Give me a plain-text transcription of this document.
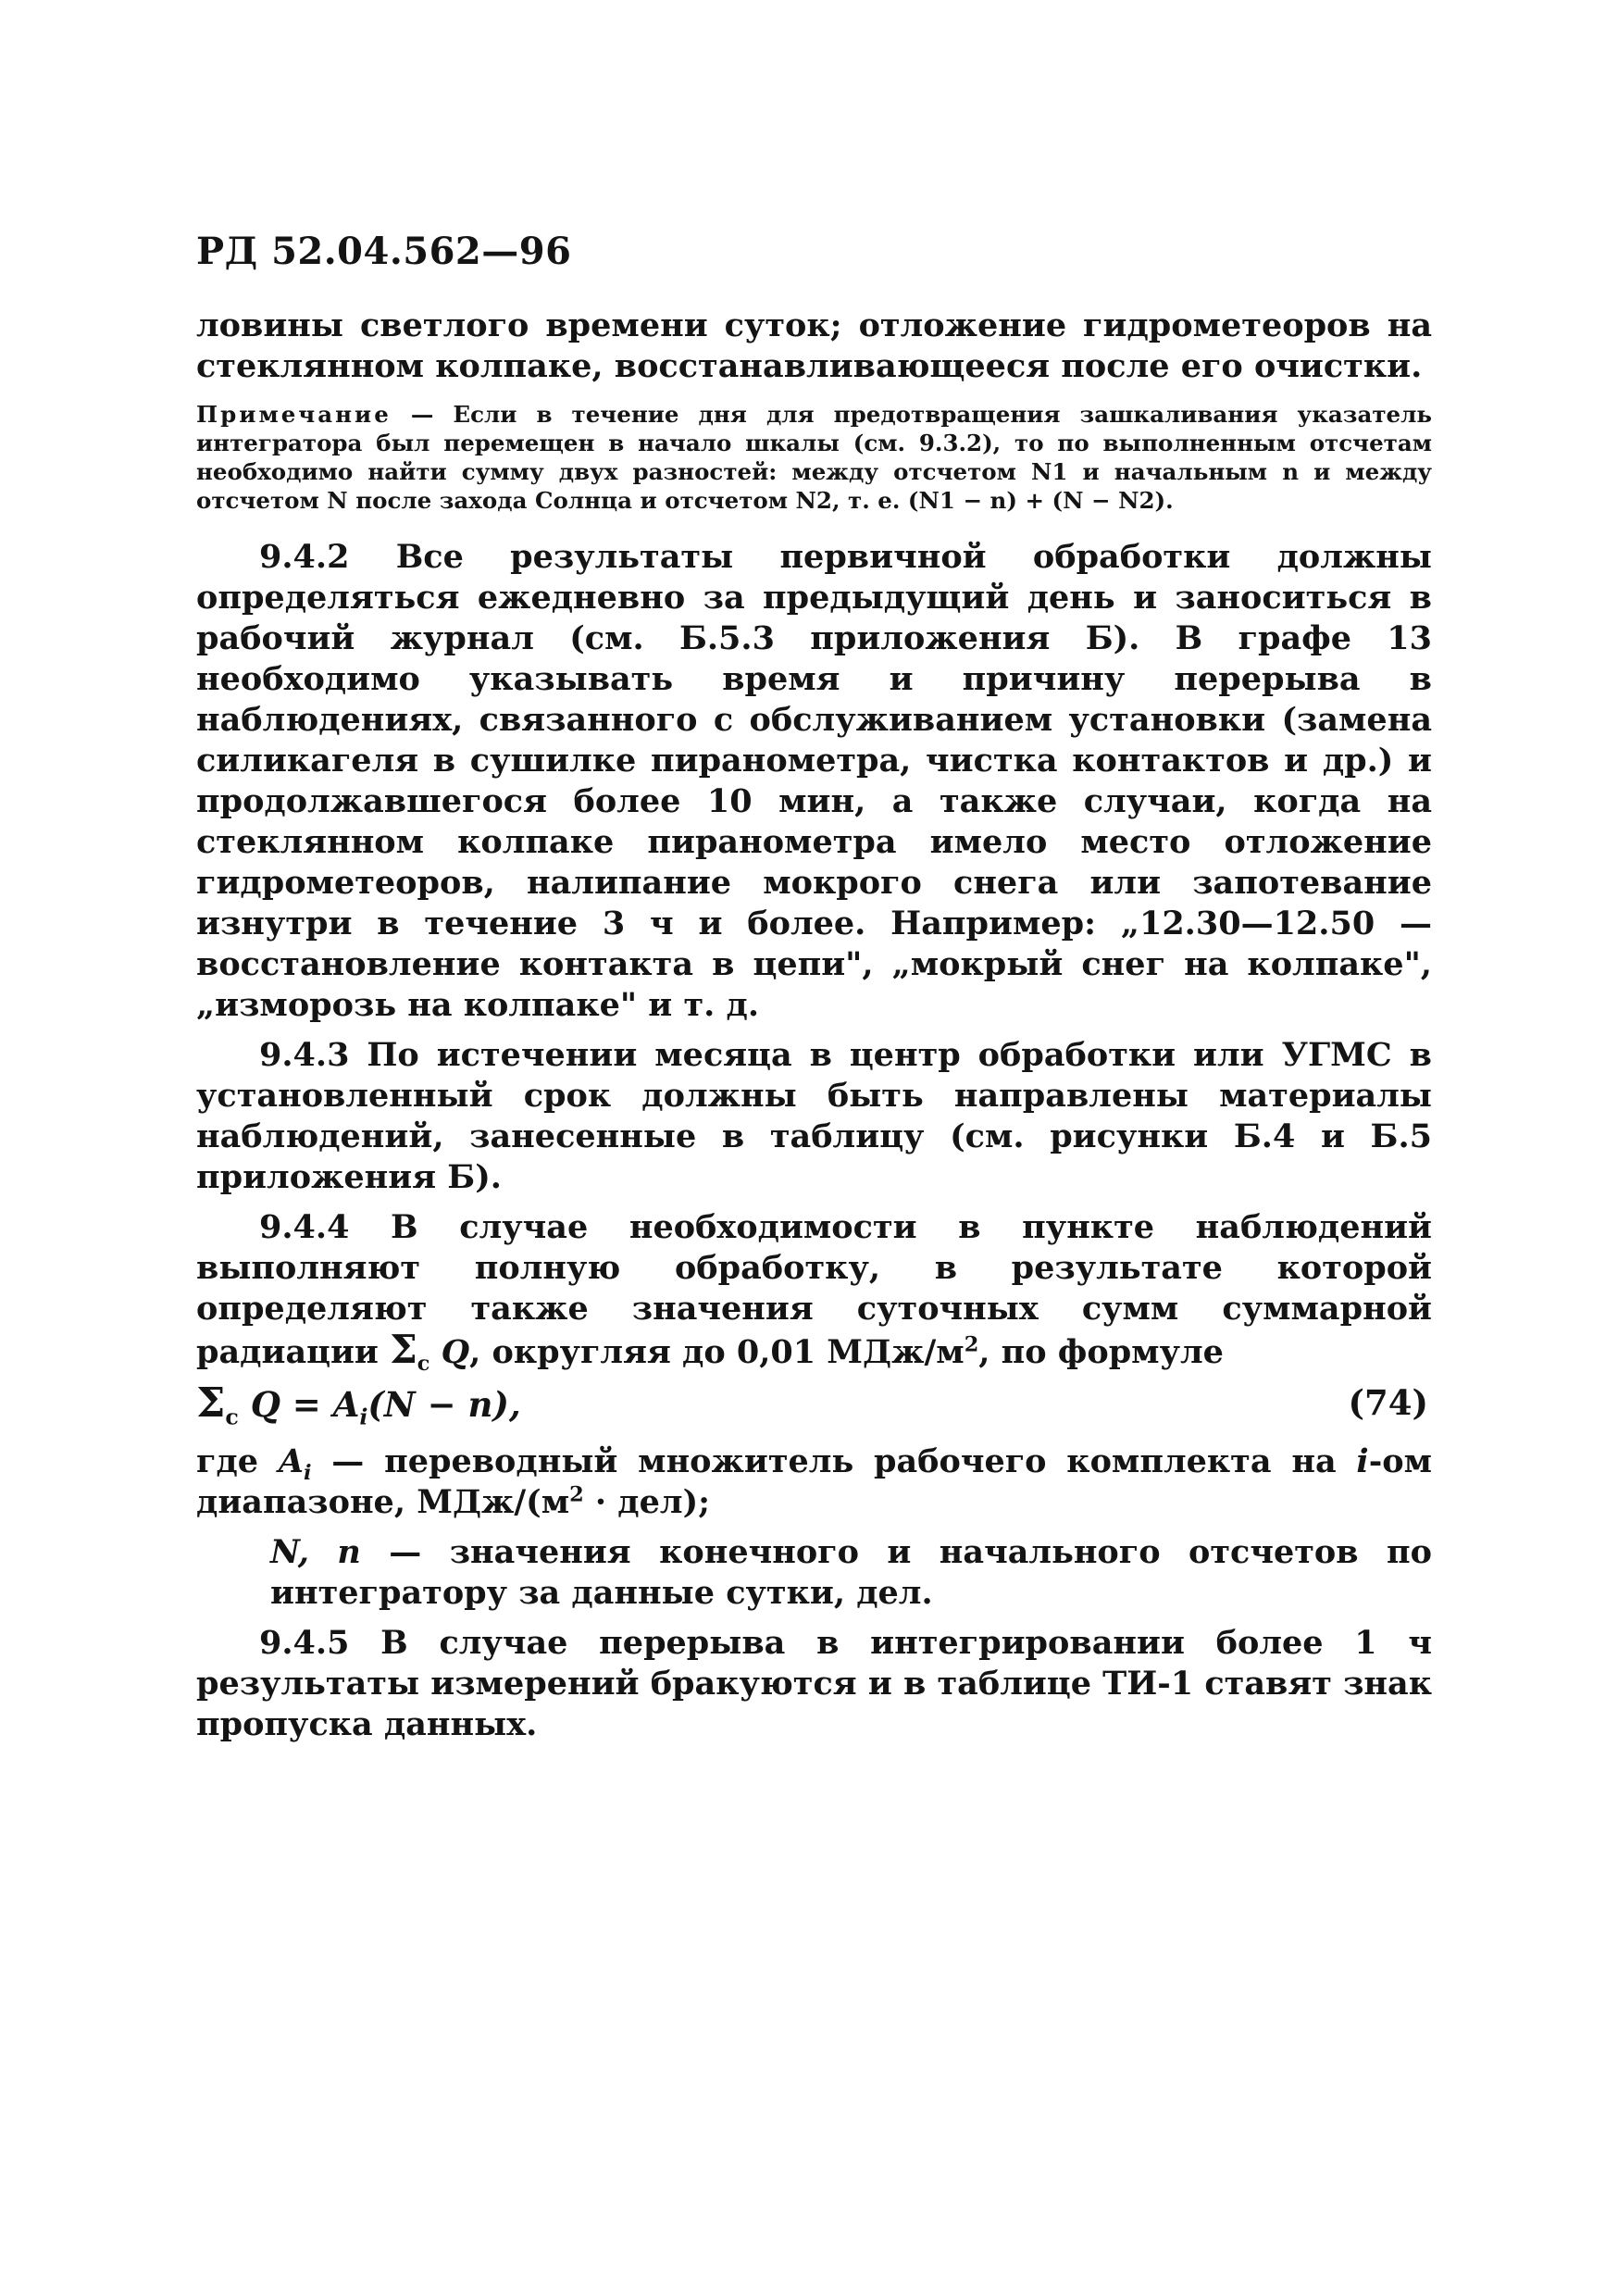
РД 52.04.562—96

ловины светлого времени суток; отложение гидрометеоров на стеклянном колпаке, восстанавливающееся после его очистки.

Примечание — Если в течение дня для предотвращения зашкаливания указатель интегратора был перемещен в начало шкалы (см. 9.3.2), то по выполненным отсчетам необходимо найти сумму двух разностей: между отсчетом N1 и начальным n и между отсчетом N после захода Солнца и отсчетом N2, т. е. (N1 − n) + (N − N2).

9.4.2 Все результаты первичной обработки должны определяться ежедневно за предыдущий день и заноситься в рабочий журнал (см. Б.5.3 приложения Б). В графе 13 необходимо указывать время и причину перерыва в наблюдениях, связанного с обслуживанием установки (замена силикагеля в сушилке пиранометра, чистка контактов и др.) и продолжавшегося более 10 мин, а также случаи, когда на стеклянном колпаке пиранометра имело место отложение гидрометеоров, налипание мокрого снега или запотевание изнутри в течение 3 ч и более. Например: „12.30—12.50 — восстановление контакта в цепи", „мокрый снег на колпаке", „изморозь на колпаке" и т. д.

9.4.3 По истечении месяца в центр обработки или УГМС в установленный срок должны быть направлены материалы наблюдений, занесенные в таблицу (см. рисунки Б.4 и Б.5 приложения Б).

9.4.4 В случае необходимости в пункте наблюдений выполняют полную обработку, в результате которой определяют также значения суточных сумм суммарной радиации $\Sigma_с$ Q, округляя до 0,01 МДж/$м^2$, по формуле

$\Sigma_с$ $Q = A_i(N - n)$,	(74)

где $A_i$ — переводный множитель рабочего комплекта на i-ом диапазоне, МДж/$(м^2 \cdot дел)$;

N, n — значения конечного и начального отсчетов по интегратору за данные сутки, дел.

9.4.5 В случае перерыва в интегрировании более 1 ч результаты измерений бракуются и в таблице ТИ-1 ставят знак пропуска данных.
